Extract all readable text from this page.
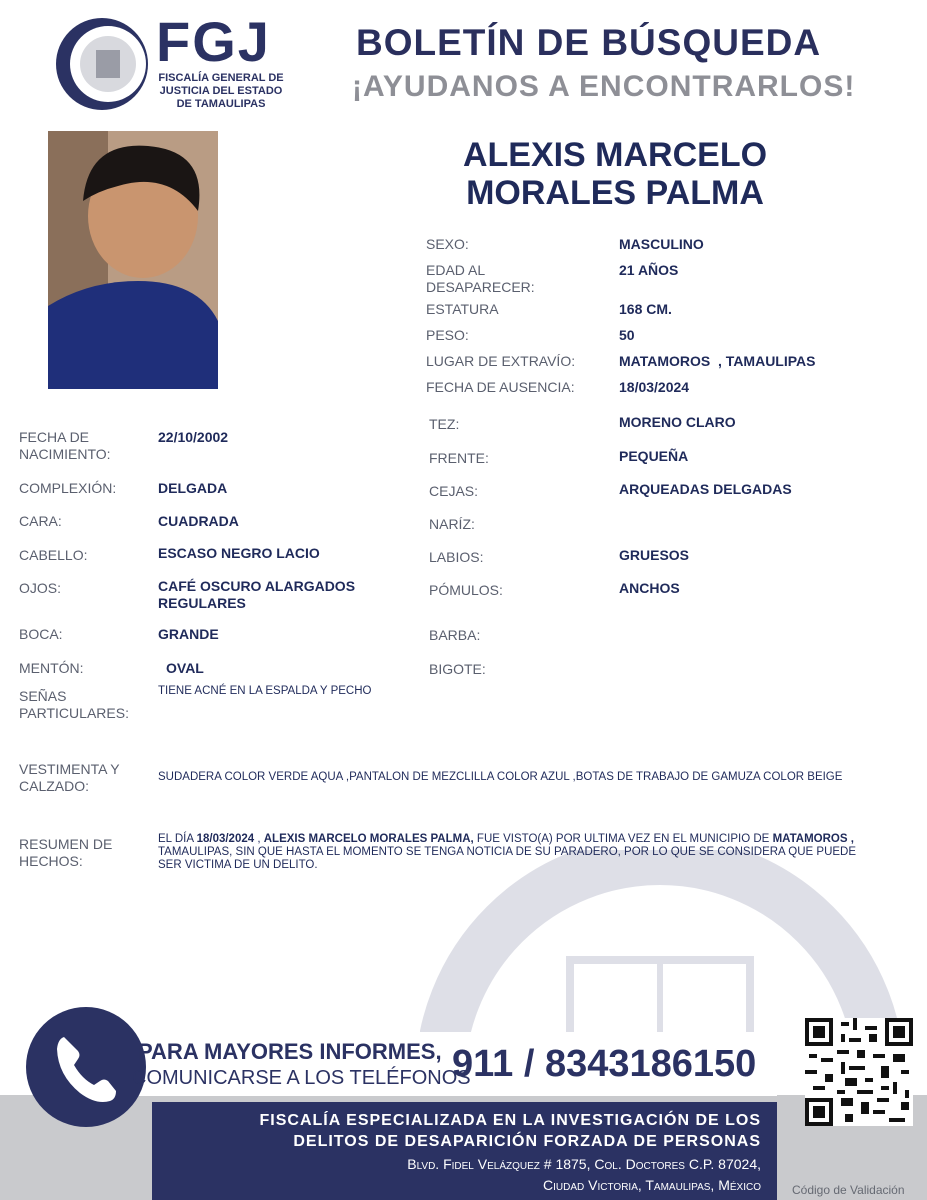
FGJ
FISCALÍA GENERAL DE
JUSTICIA DEL ESTADO
DE TAMAULIPAS
BOLETÍN DE BÚSQUEDA
¡AYUDANOS A ENCONTRARLOS!
ALEXIS MARCELO
MORALES PALMA
SEXO:	MASCULINO
EDAD AL DESAPARECER:
21 AÑOS
ESTATURA	168 CM.
PESO:	50
LUGAR DE EXTRAVÍO:	MATAMOROS  , TAMAULIPAS
FECHA DE AUSENCIA:	18/03/2024
FECHA DE NACIMIENTO:
22/10/2002
COMPLEXIÓN:	DELGADA
CARA:	CUADRADA
CABELLO:	ESCASO NEGRO LACIO
OJOS:	CAFÉ OSCURO ALARGADOS REGULARES
BOCA:	GRANDE
MENTÓN:	OVAL
SEÑAS PARTICULARES:
TIENE ACNÉ EN LA ESPALDA Y PECHO
TEZ:	MORENO CLARO
FRENTE:	PEQUEÑA
CEJAS:	ARQUEADAS DELGADAS
NARÍZ:
LABIOS:	GRUESOS
PÓMULOS:	ANCHOS
BARBA:
BIGOTE:
VESTIMENTA Y CALZADO:
SUDADERA COLOR VERDE AQUA ,PANTALON DE MEZCLILLA COLOR AZUL ,BOTAS DE TRABAJO DE GAMUZA COLOR BEIGE
RESUMEN DE HECHOS:
EL DÍA 18/03/2024 , ALEXIS MARCELO MORALES PALMA, FUE VISTO(A) POR ULTIMA VEZ EN EL MUNICIPIO DE MATAMOROS , TAMAULIPAS, SIN QUE HASTA EL MOMENTO SE TENGA NOTICIA DE SU PARADERO, POR LO QUE SE CONSIDERA QUE PUEDE SER VICTIMA DE UN DELITO.
PARA MAYORES INFORMES,
COMUNICARSE A LOS TELÉFONOS
911 / 8343186150
FISCALÍA ESPECIALIZADA EN LA INVESTIGACIÓN DE LOS
DELITOS DE DESAPARICIÓN FORZADA DE PERSONAS
Blvd. Fidel Velázquez # 1875, Col. Doctores C.P. 87024,
Ciudad Victoria, Tamaulipas, México	Código de Validación
